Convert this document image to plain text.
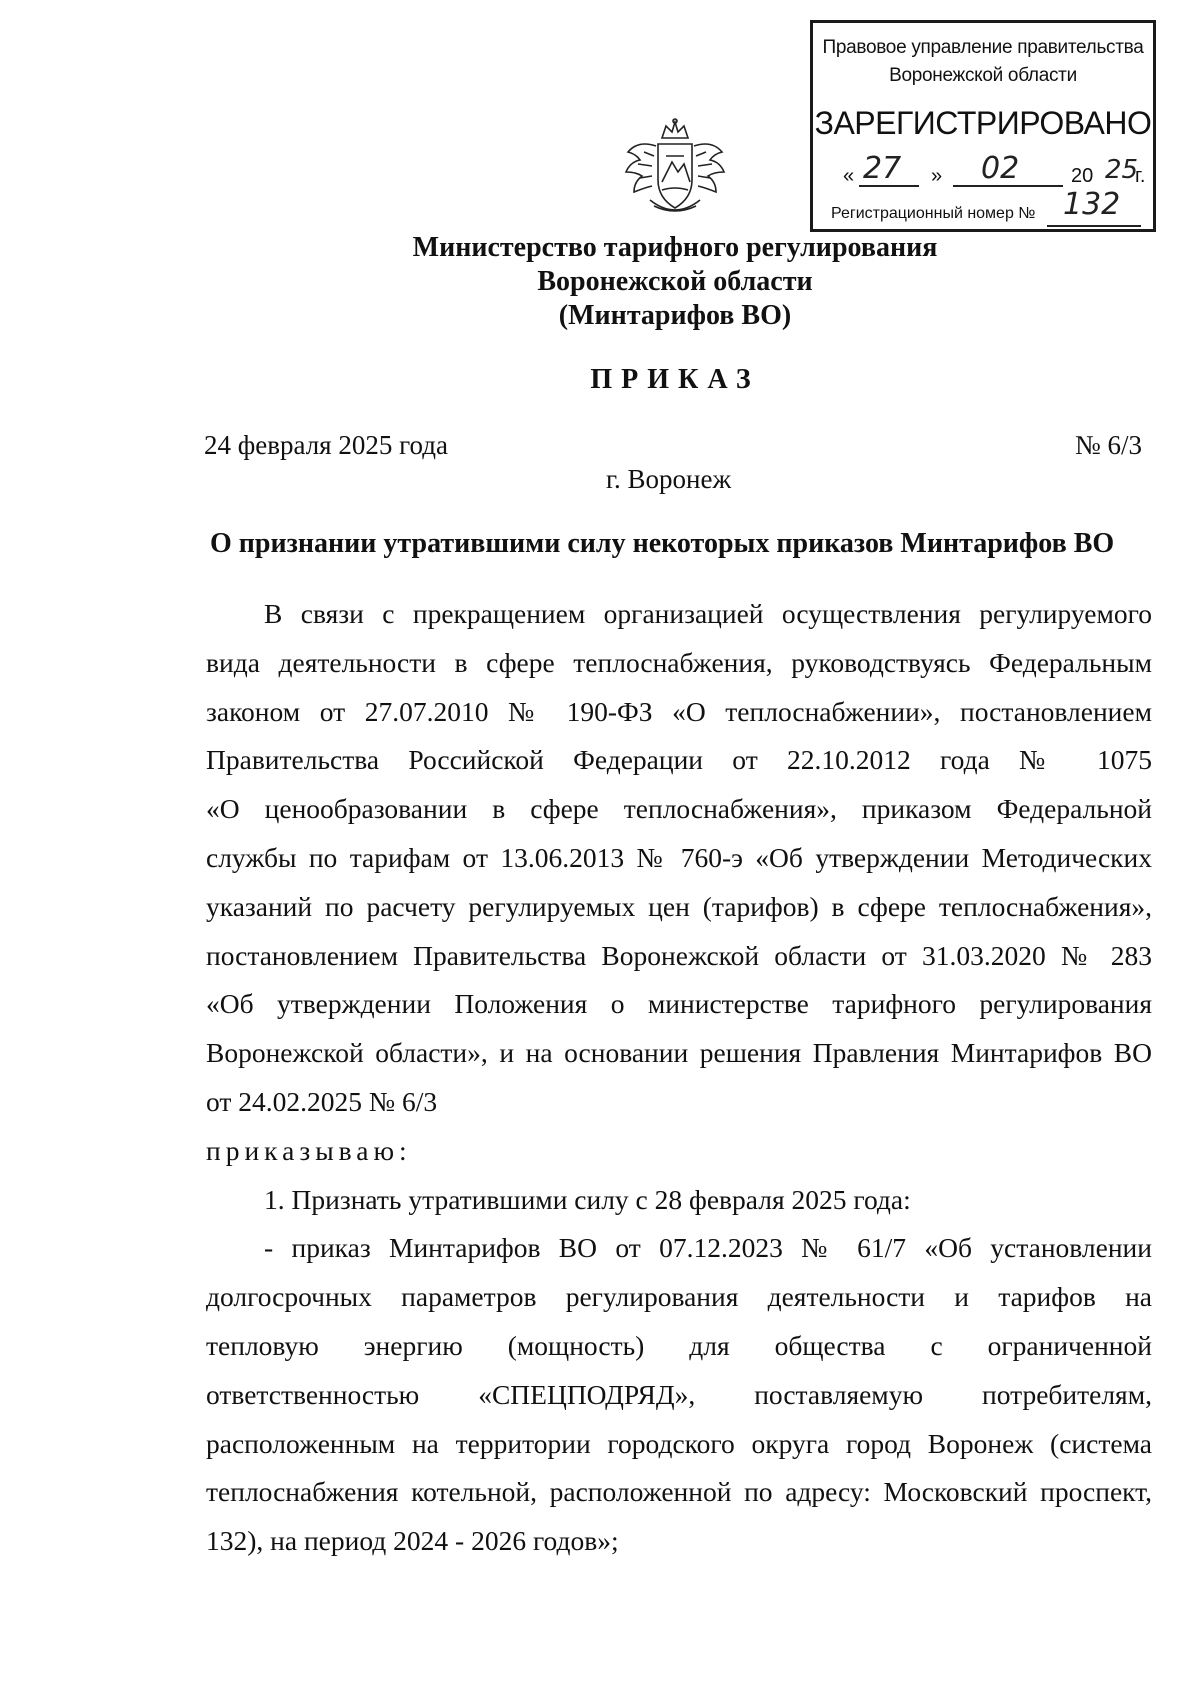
Правовое управление правительства
Воронежской области
ЗАРЕГИСТРИРОВАНО
« 27 » 02	20 25
г.
Регистрационный номер № 132
Министерство тарифного регулирования
Воронежской области
(Минтарифов ВО)
ПРИКАЗ
24 февраля 2025 года	№ 6/3
г. Воронеж
О признании утратившими силу некоторых приказов Минтарифов ВО
В связи с прекращением организацией осуществления регулируемого
вида деятельности в сфере теплоснабжения, руководствуясь Федеральным
законом от 27.07.2010 № 190-ФЗ «О теплоснабжении», постановлением
Правительства Российской Федерации от 22.10.2012 года № 1075
«О ценообразовании в сфере теплоснабжения», приказом Федеральной
службы по тарифам от 13.06.2013 № 760-э «Об утверждении Методических
указаний по расчету регулируемых цен (тарифов) в сфере теплоснабжения»,
постановлением Правительства Воронежской области от 31.03.2020 № 283
«Об утверждении Положения о министерстве тарифного регулирования
Воронежской области», и на основании решения Правления Минтарифов ВО
от 24.02.2025 № 6/3
приказываю:
1. Признать утратившими силу с 28 февраля 2025 года:
- приказ Минтарифов ВО от 07.12.2023 № 61/7 «Об установлении
долгосрочных параметров регулирования деятельности и тарифов на
тепловую энергию (мощность) для общества с ограниченной
ответственностью «СПЕЦПОДРЯД», поставляемую потребителям,
расположенным на территории городского округа город Воронеж (система
теплоснабжения котельной, расположенной по адресу: Московский проспект,
132), на период 2024 - 2026 годов»;
